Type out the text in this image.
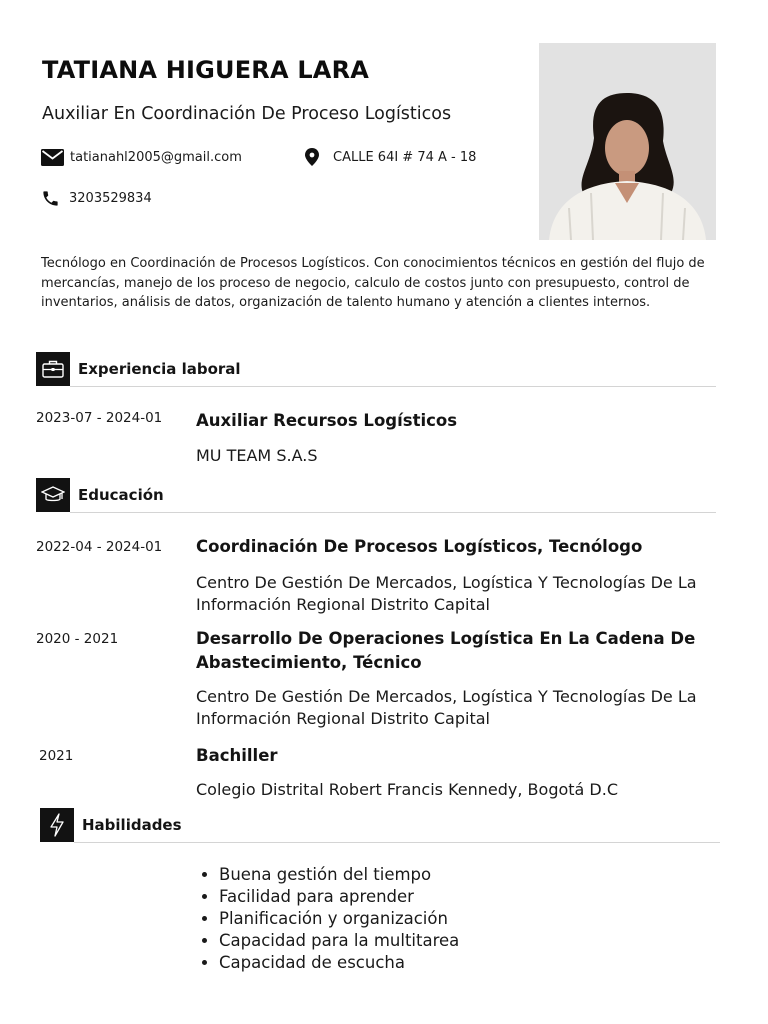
TATIANA HIGUERA LARA
Auxiliar En Coordinación De Proceso Logísticos
tatianahl2005@gmail.com	CALLE 64I # 74 A - 18
3203529834
Tecnólogo en Coordinación de Procesos Logísticos. Con conocimientos técnicos en gestión del flujo de mercancías, manejo de los proceso de negocio, calculo de costos junto con presupuesto, control de inventarios, análisis de datos, organización de talento humano y atención a clientes internos.
Experiencia laboral
2023-07 - 2024-01 Auxiliar Recursos Logísticos
MU TEAM S.A.S
Educación
2022-04 - 2024-01 Coordinación De Procesos Logísticos, Tecnólogo
Centro De Gestión De Mercados, Logística Y Tecnologías De La Información Regional Distrito Capital
2020 - 2021	Desarrollo De Operaciones Logística En La Cadena De Abastecimiento, Técnico
Centro De Gestión De Mercados, Logística Y Tecnologías De La Información Regional Distrito Capital
2021	Bachiller
Colegio Distrital Robert Francis Kennedy, Bogotá D.C
Habilidades
• Buena gestión del tiempo
• Facilidad para aprender
• Planificación y organización
• Capacidad para la multitarea
• Capacidad de escucha
